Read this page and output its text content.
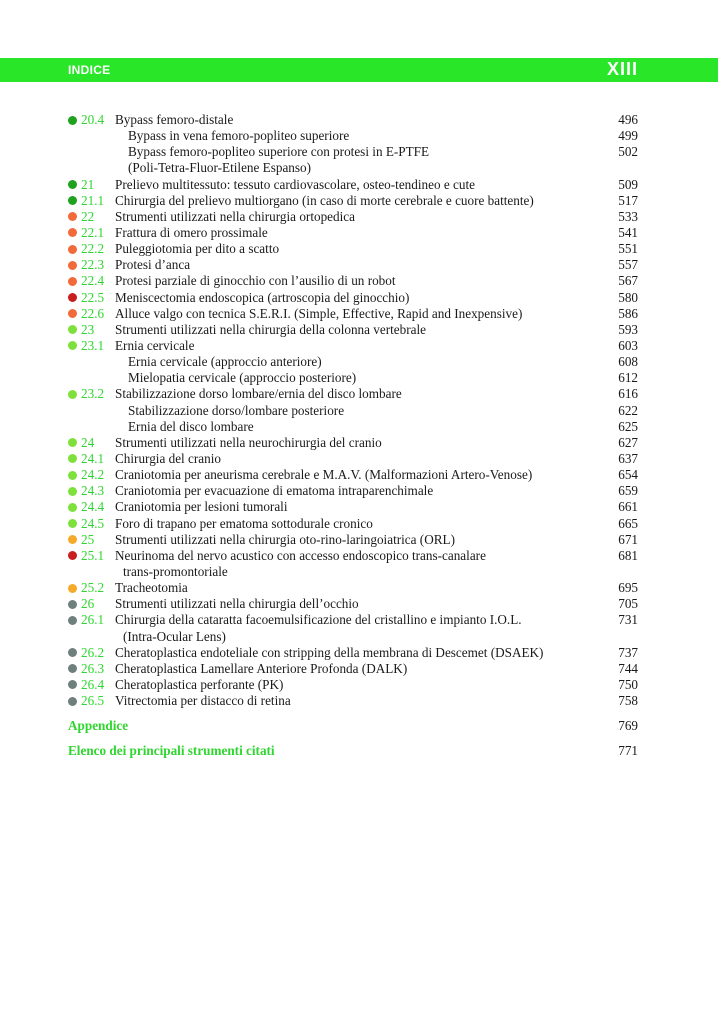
INDICE	XIII
20.4 Bypass femoro-distale	496
Bypass in vena femoro-popliteo superiore	499
Bypass femoro-popliteo superiore con protesi in E-PTFE	502
(Poli-Tetra-Fluor-Etilene Espanso)
21 Prelievo multitessuto: tessuto cardiovascolare, osteo-tendineo e cute	509
21.1 Chirurgia del prelievo multiorgano (in caso di morte cerebrale e cuore battente)	517
22 Strumenti utilizzati nella chirurgia ortopedica	533
22.1 Frattura di omero prossimale	541
22.2 Puleggiotomia per dito a scatto	551
22.3 Protesi d’anca	557
22.4 Protesi parziale di ginocchio con l’ausilio di un robot	567
22.5 Meniscectomia endoscopica (artroscopia del ginocchio)	580
22.6 Alluce valgo con tecnica S.E.R.I. (Simple, Effective, Rapid and Inexpensive)	586
23 Strumenti utilizzati nella chirurgia della colonna vertebrale	593
23.1 Ernia cervicale	603
Ernia cervicale (approccio anteriore)	608
Mielopatia cervicale (approccio posteriore)	612
23.2 Stabilizzazione dorso lombare/ernia del disco lombare	616
Stabilizzazione dorso/lombare posteriore	622
Ernia del disco lombare	625
24 Strumenti utilizzati nella neurochirurgia del cranio	627
24.1 Chirurgia del cranio	637
24.2 Craniotomia per aneurisma cerebrale e M.A.V. (Malformazioni Artero-Venose)	654
24.3 Craniotomia per evacuazione di ematoma intraparenchimale	659
24.4 Craniotomia per lesioni tumorali	661
24.5 Foro di trapano per ematoma sottodurale cronico	665
25 Strumenti utilizzati nella chirurgia oto-rino-laringoiatrica (ORL)	671
25.1 Neurinoma del nervo acustico con accesso endoscopico trans-canalare	681
trans-promontoriale
25.2 Tracheotomia	695
26 Strumenti utilizzati nella chirurgia dell’occhio	705
26.1 Chirurgia della cataratta facoemulsificazione del cristallino e impianto I.O.L.	731
(Intra-Ocular Lens)
26.2 Cheratoplastica endoteliale con stripping della membrana di Descemet (DSAEK)	737
26.3 Cheratoplastica Lamellare Anteriore Profonda (DALK)	744
26.4 Cheratoplastica perforante (PK)	750
26.5 Vitrectomia per distacco di retina	758
Appendice	769
Elenco dei principali strumenti citati	771
